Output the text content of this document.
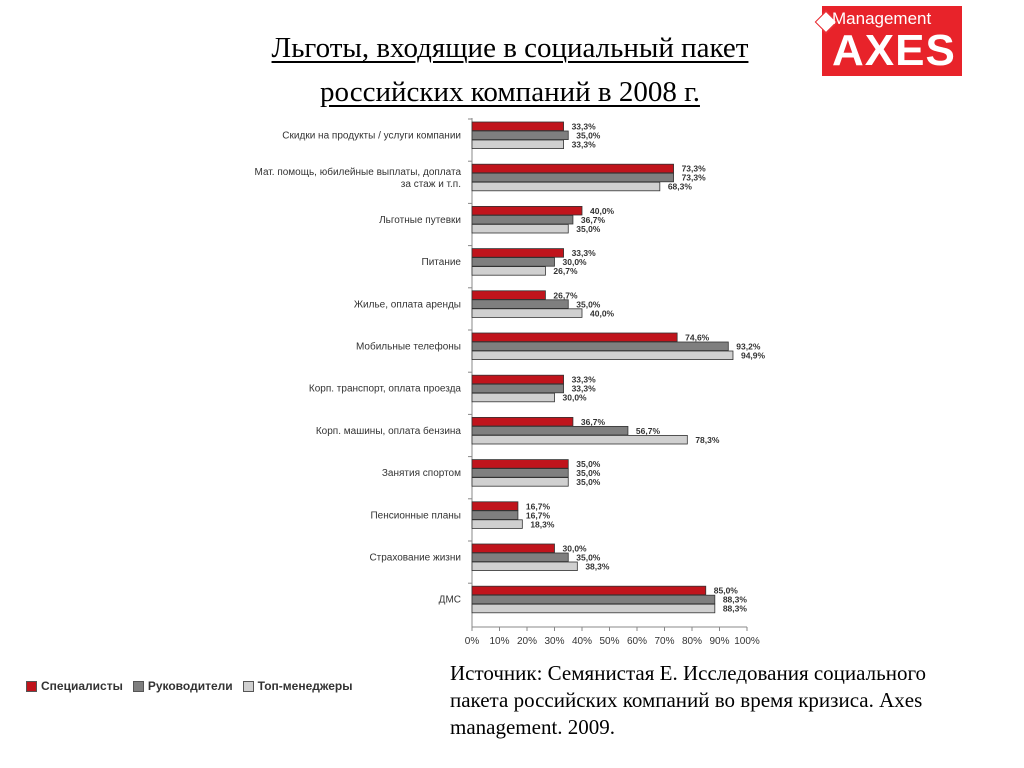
Льготы, входящие в социальный пакет
российских компаний в 2008 г.
Management
AXES
Скидки на продукты / услуги компании
33,3%
35,0%
33,3%
Мат. помощь, юбилейные выплаты, доплата за стаж и т.п.
73,3%
73,3%
68,3%
Льготные путевки
40,0%
36,7%
35,0%
Питание
33,3%
30,0%
26,7%
Жилье, оплата аренды
26,7%
35,0%
40,0%
Мобильные телефоны
74,6%
93,2%
94,9%
Корп. транспорт, оплата проезда
33,3%
33,3%
30,0%
Корп. машины, оплата бензина
36,7%
56,7%
78,3%
Занятия спортом
35,0%
35,0%
35,0%
Пенсионные планы
16,7%
16,7%
18,3%
Страхование жизни
30,0%
35,0%
38,3%
ДМС
85,0%
88,3%
88,3%
0% 10% 20% 30% 40% 50% 60% 70% 80% 90% 100%
Специалисты Руководители Топ-менеджеры
Источник: Семянистая Е. Исследования социального пакета российских компаний во время кризиса. Axes management. 2009.
